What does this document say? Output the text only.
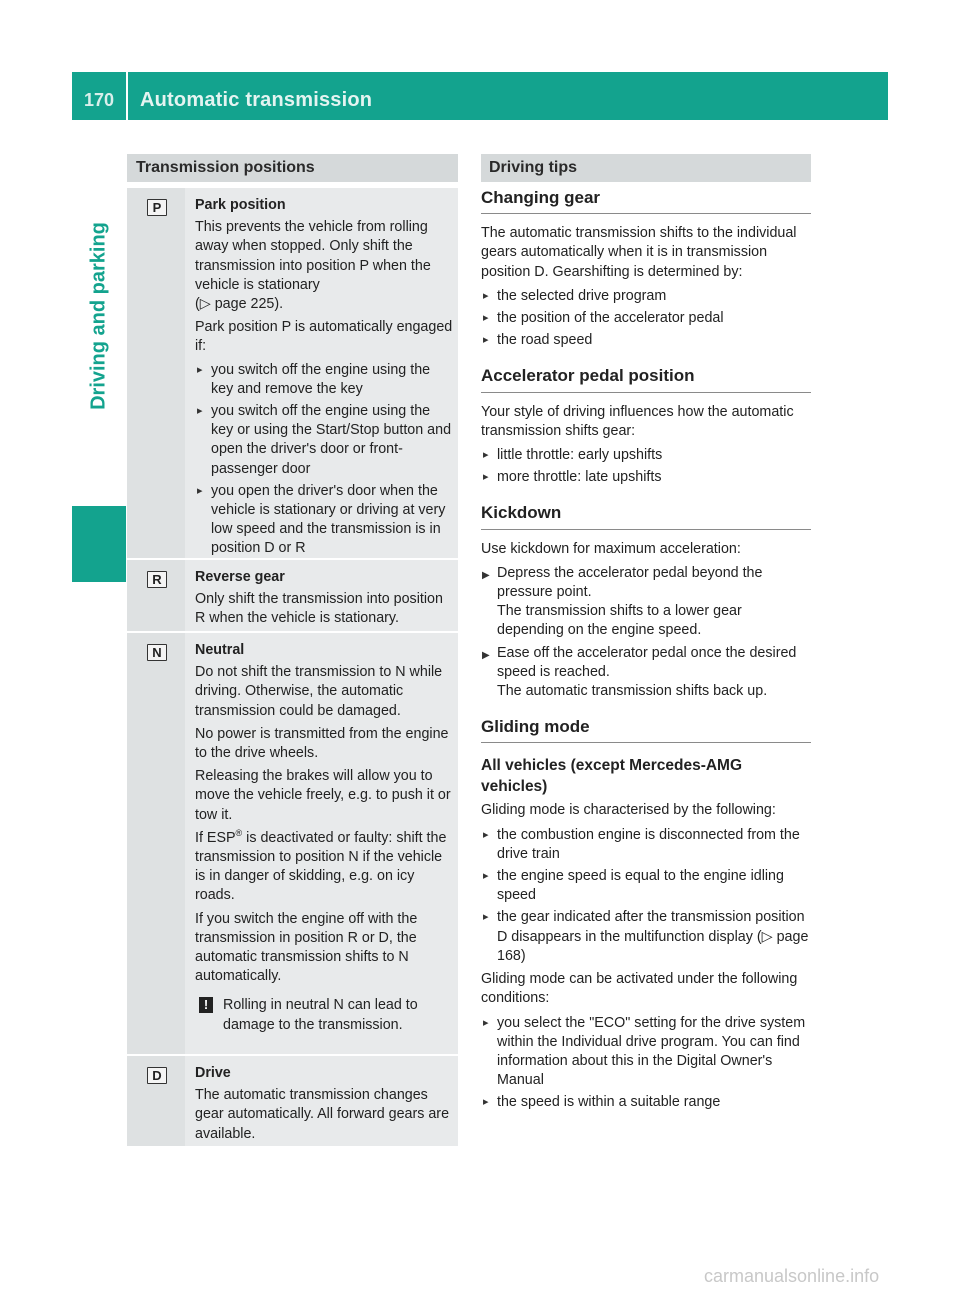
170	Automatic transmission
Driving and parking
Transmission positions
P	Park position

This prevents the vehicle from rolling away when stopped. Only shift the transmission into position P when the vehicle is stationary
(▷ page 225).

Park position P is automatically engaged if:

▸ you switch off the engine using the key and remove the key
▸ you switch off the engine using the key or using the Start/Stop button and open the driver's door or front-passenger door
▸ you open the driver's door when the vehicle is stationary or driving at very low speed and the transmission is in position D or R
R	Reverse gear

Only shift the transmission into position R when the vehicle is stationary.

N	Neutral

Do not shift the transmission to N while driving. Otherwise, the automatic transmission could be damaged.

No power is transmitted from the engine to the drive wheels.

Releasing the brakes will allow you to move the vehicle freely, e.g. to push it or tow it.

If ESP® is deactivated or faulty: shift the transmission to position N if the vehicle is in danger of skidding, e.g. on icy roads.

If you switch the engine off with the transmission in position R or D, the automatic transmission shifts to N automatically.

!	Rolling in neutral N can lead to damage to the transmission.
D	Drive

The automatic transmission changes gear automatically. All forward gears are available.

Driving tips
Changing gear

The automatic transmission shifts to the individual gears automatically when it is in transmission position D. Gearshifting is determined by:

▸ the selected drive program
▸ the position of the accelerator pedal
▸ the road speed
Accelerator pedal position

Your style of driving influences how the automatic transmission shifts gear:

▸ little throttle: early upshifts
▸ more throttle: late upshifts
Kickdown

Use kickdown for maximum acceleration:

▶ Depress the accelerator pedal beyond the pressure point.
The transmission shifts to a lower gear depending on the engine speed.
▶ Ease off the accelerator pedal once the desired speed is reached.
The automatic transmission shifts back up.
Gliding mode
All vehicles (except Mercedes-AMG vehicles)

Gliding mode is characterised by the following:

▸ the combustion engine is disconnected from the drive train
▸ the engine speed is equal to the engine idling speed
▸ the gear indicated after the transmission position D disappears in the multifunction display (▷ page 168)

Gliding mode can be activated under the following conditions:

▸ you select the "ECO" setting for the drive system within the Individual drive program. You can find information about this in the Digital Owner's Manual
▸ the speed is within a suitable range
carmanualsonline.info
